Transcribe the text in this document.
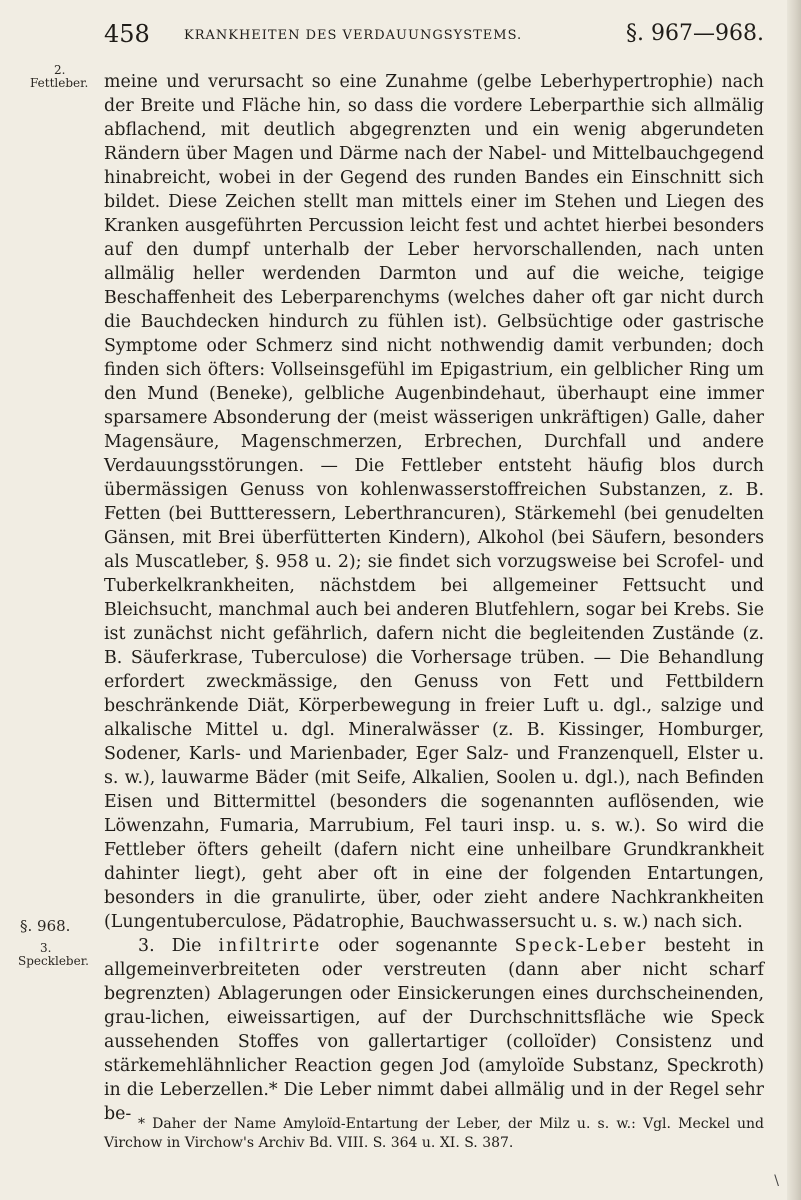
458	KRANKHEITEN DES VERDAUUNGSYSTEMS.	§. 967—968.
2.
Fettleber.
§. 968.
3.
Speckleber.

meine und verursacht so eine Zunahme (gelbe Leberhypertrophie) nach der Breite und Fläche hin, so dass die vordere Leberparthie sich allmälig abflachend, mit deutlich abgegrenzten und ein wenig abgerundeten Rändern über Magen und Därme nach der Nabel- und Mittelbauchgegend hinabreicht, wobei in der Gegend des runden Bandes ein Einschnitt sich bildet. Diese Zeichen stellt man mittels einer im Stehen und Liegen des Kranken ausgeführten Percussion leicht fest und achtet hierbei besonders auf den dumpf unterhalb der Leber hervorschallenden, nach unten allmälig heller werdenden Darmton und auf die weiche, teigige Beschaffenheit des Leberparenchyms (welches daher oft gar nicht durch die Bauchdecken hindurch zu fühlen ist). Gelbsüchtige oder gastrische Symptome oder Schmerz sind nicht nothwendig damit verbunden; doch finden sich öfters: Vollseinsgefühl im Epigastrium, ein gelblicher Ring um den Mund (Beneke), gelbliche Augenbindehaut, überhaupt eine immer sparsamere Absonderung der (meist wässerigen unkräftigen) Galle, daher Magensäure, Magenschmerzen, Erbrechen, Durchfall und andere Verdauungsstörungen. — Die Fettleber entsteht häufig blos durch übermässigen Genuss von kohlenwasserstoffreichen Substanzen, z. B. Fetten (bei Buttteressern, Leberthrancuren), Stärkemehl (bei genudelten Gänsen, mit Brei überfütterten Kindern), Alkohol (bei Säufern, besonders als Muscatleber, §. 958 u. 2); sie findet sich vorzugsweise bei Scrofel- und Tuberkelkrankheiten, nächstdem bei allgemeiner Fettsucht und Bleichsucht, manchmal auch bei anderen Blutfehlern, sogar bei Krebs. Sie ist zunächst nicht gefährlich, dafern nicht die begleitenden Zustände (z. B. Säuferkrase, Tuberculose) die Vorhersage trüben. — Die Behandlung erfordert zweckmässige, den Genuss von Fett und Fettbildern beschränkende Diät, Körperbewegung in freier Luft u. dgl., salzige und alkalische Mittel u. dgl. Mineralwässer (z. B. Kissinger, Homburger, Sodener, Karls- und Marienbader, Eger Salz- und Franzenquell, Elster u. s. w.), lauwarme Bäder (mit Seife, Alkalien, Soolen u. dgl.), nach Befinden Eisen und Bittermittel (besonders die sogenannten auflösenden, wie Löwenzahn, Fumaria, Marrubium, Fel tauri insp. u. s. w.). So wird die Fettleber öfters geheilt (dafern nicht eine unheilbare Grundkrankheit dahinter liegt), geht aber oft in eine der folgenden Entartungen, besonders in die granulirte, über, oder zieht andere Nachkrankheiten (Lungentuberculose, Pädatrophie, Bauchwassersucht u. s. w.) nach sich.

3. Die infiltrirte oder sogenannte Speck-Leber besteht in allgemeinverbreiteten oder verstreuten (dann aber nicht scharf begrenzten) Ablagerungen oder Einsickerungen eines durchscheinenden, grau-lichen, eiweissartigen, auf der Durchschnittsfläche wie Speck aussehenden Stoffes von gallertartiger (colloïder) Consistenz und stärkemehlähnlicher Reaction gegen Jod (amyloïde Substanz, Speckroth) in die Leberzellen.* Die Leber nimmt dabei allmälig und in der Regel sehr be- * Daher der Name Amyloïd-Entartung der Leber, der Milz u. s. w.: Vgl. Meckel und Virchow in Virchow's Archiv Bd. VIII. S. 364 u. XI. S. 387.

\
